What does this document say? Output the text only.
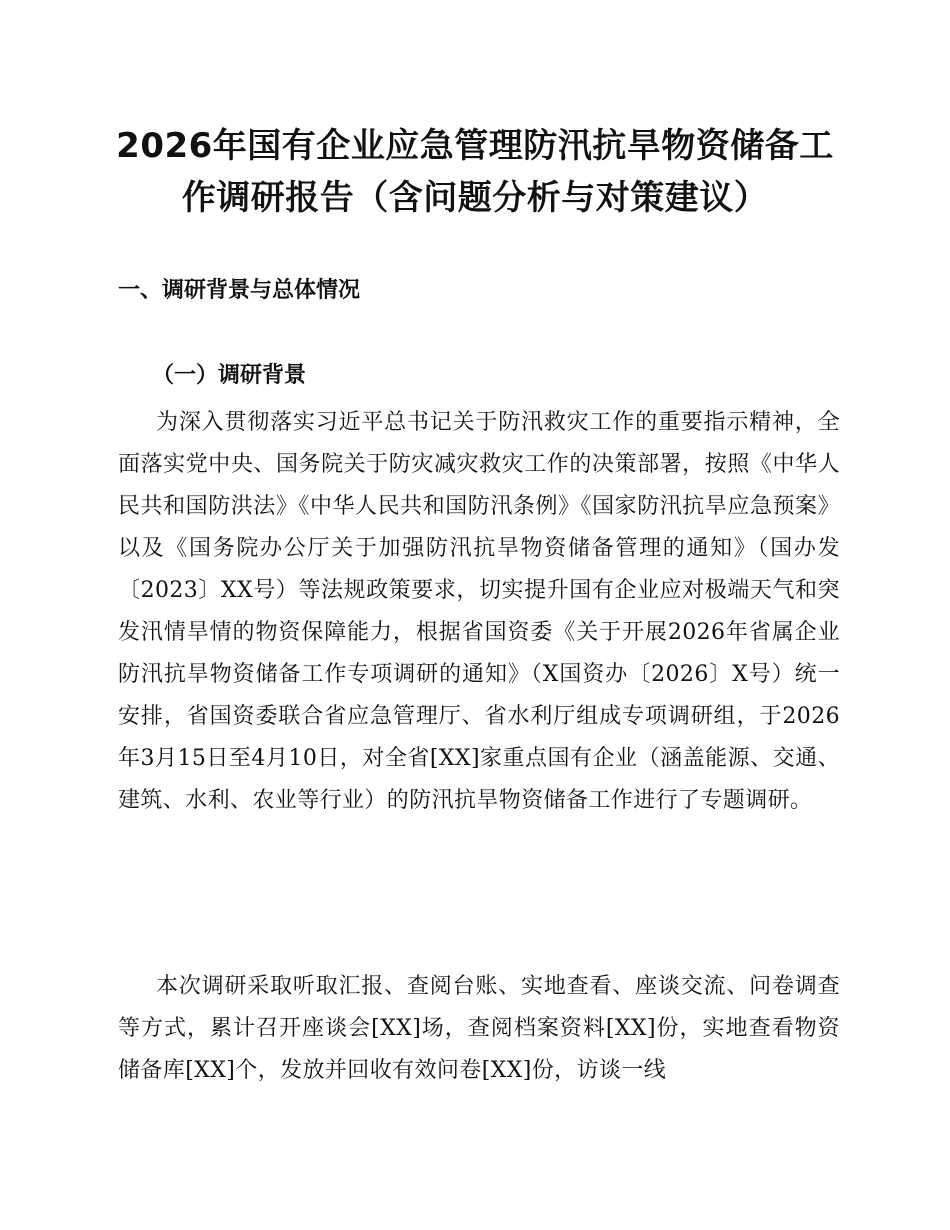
2026年国有企业应急管理防汛抗旱物资储备工作调研报告（含问题分析与对策建议）
一、调研背景与总体情况
（一）调研背景

为深入贯彻落实习近平总书记关于防汛救灾工作的重要指示精神，全面落实党中央、国务院关于防灾减灾救灾工作的决策部署，按照《中华人民共和国防洪法》《中华人民共和国防汛条例》《国家防汛抗旱应急预案》以及《国务院办公厅关于加强防汛抗旱物资储备管理的通知》（国办发〔2023〕XX号）等法规政策要求，切实提升国有企业应对极端天气和突发汛情旱情的物资保障能力，根据省国资委《关于开展2026年省属企业防汛抗旱物资储备工作专项调研的通知》（X国资办〔2026〕X号）统一安排，省国资委联合省应急管理厅、省水利厅组成专项调研组，于2026年3月15日至4月10日，对全省[XX]家重点国有企业（涵盖能源、交通、建筑、水利、农业等行业）的防汛抗旱物资储备工作进行了专题调研。

本次调研采取听取汇报、查阅台账、实地查看、座谈交流、问卷调查等方式，累计召开座谈会[XX]场，查阅档案资料[XX]份，实地查看物资储备库[XX]个，发放并回收有效问卷[XX]份，访谈一线
